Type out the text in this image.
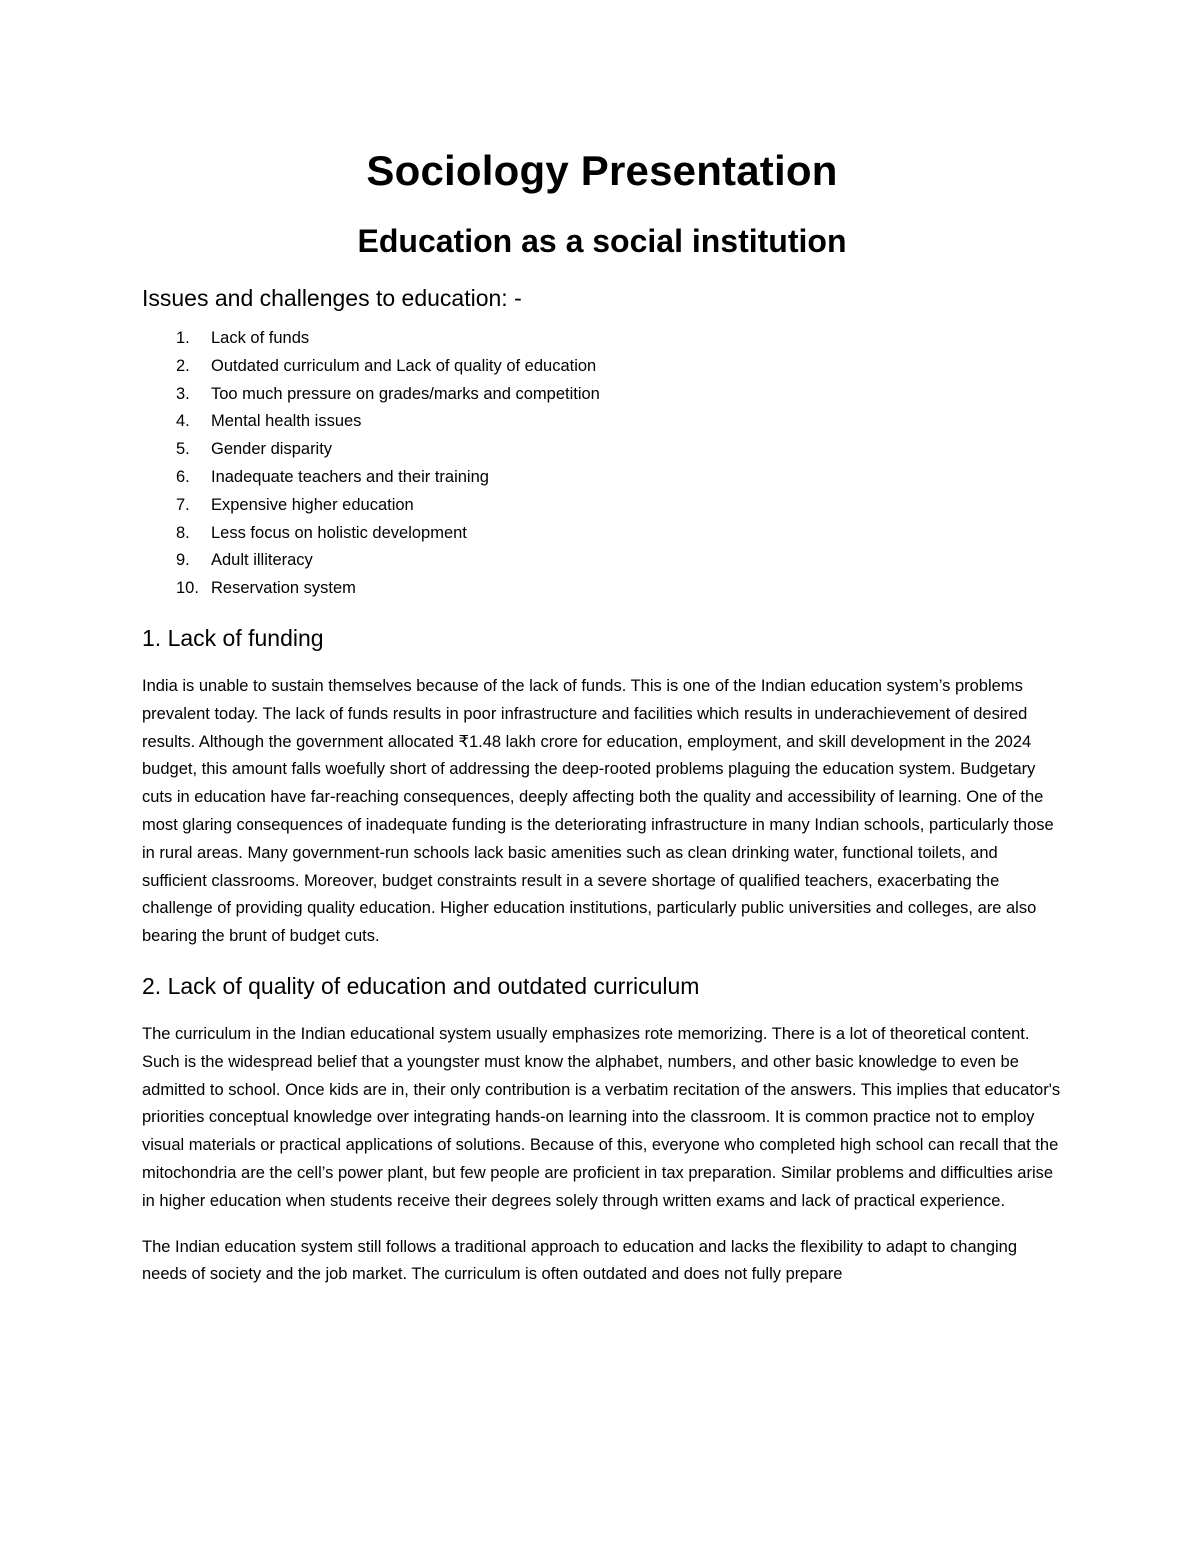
Sociology Presentation
Education as a social institution
Issues and challenges to education: -
1. Lack of funds
2. Outdated curriculum and Lack of quality of education
3. Too much pressure on grades/marks and competition
4. Mental health issues
5. Gender disparity
6. Inadequate teachers and their training
7. Expensive higher education
8. Less focus on holistic development
9. Adult illiteracy
10. Reservation system
1. Lack of funding

India is unable to sustain themselves because of the lack of funds. This is one of the Indian education system’s problems prevalent today. The lack of funds results in poor infrastructure and facilities which results in underachievement of desired results. Although the government allocated ₹1.48 lakh crore for education, employment, and skill development in the 2024 budget, this amount falls woefully short of addressing the deep-rooted problems plaguing the education system. Budgetary cuts in education have far-reaching consequences, deeply affecting both the quality and accessibility of learning. One of the most glaring consequences of inadequate funding is the deteriorating infrastructure in many Indian schools, particularly those in rural areas. Many government-run schools lack basic amenities such as clean drinking water, functional toilets, and sufficient classrooms. Moreover, budget constraints result in a severe shortage of qualified teachers, exacerbating the challenge of providing quality education. Higher education institutions, particularly public universities and colleges, are also bearing the brunt of budget cuts.

2. Lack of quality of education and outdated curriculum

The curriculum in the Indian educational system usually emphasizes rote memorizing. There is a lot of theoretical content. Such is the widespread belief that a youngster must know the alphabet, numbers, and other basic knowledge to even be admitted to school. Once kids are in, their only contribution is a verbatim recitation of the answers. This implies that educator's priorities conceptual knowledge over integrating hands-on learning into the classroom. It is common practice not to employ visual materials or practical applications of solutions. Because of this, everyone who completed high school can recall that the mitochondria are the cell’s power plant, but few people are proficient in tax preparation. Similar problems and difficulties arise in higher education when students receive their degrees solely through written exams and lack of practical experience.

The Indian education system still follows a traditional approach to education and lacks the flexibility to adapt to changing needs of society and the job market. The curriculum is often outdated and does not fully prepare
